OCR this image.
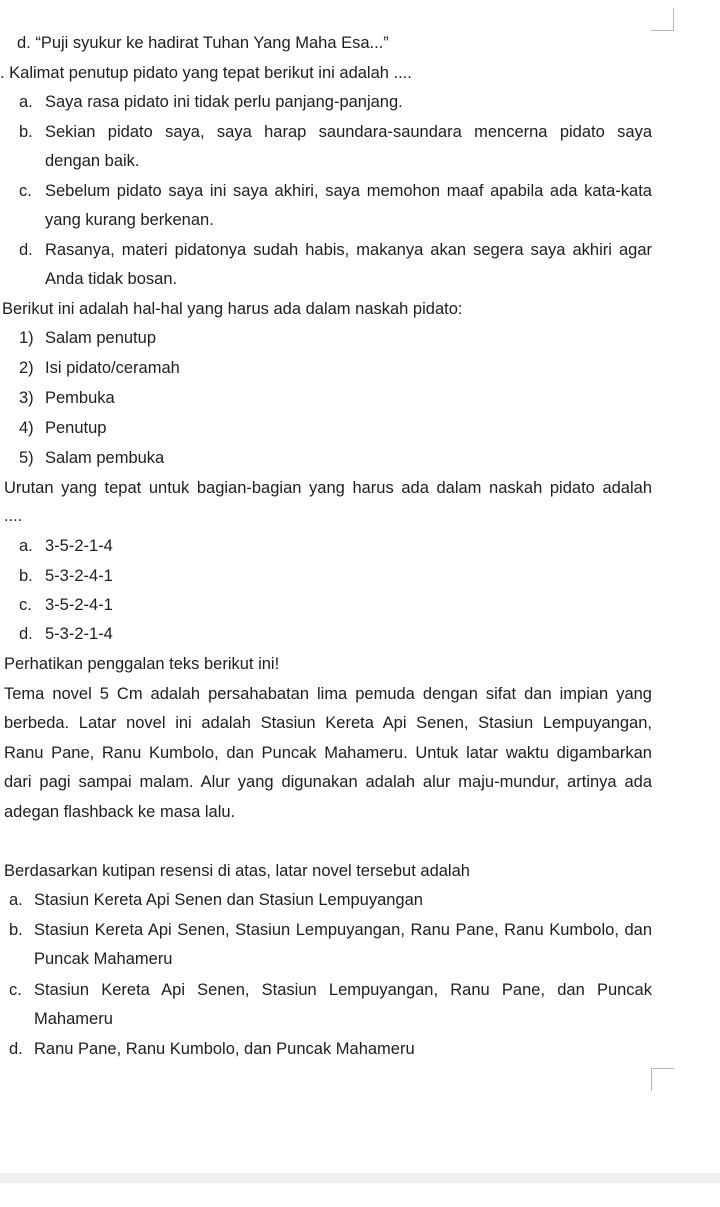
d. “Puji syukur ke hadirat Tuhan Yang Maha Esa...”
. Kalimat penutup pidato yang tepat berikut ini adalah ....
a. Saya rasa pidato ini tidak perlu panjang-panjang.
b. Sekian pidato saya, saya harap saundara-saundara mencerna pidato saya
dengan baik.
c. Sebelum pidato saya ini saya akhiri, saya memohon maaf apabila ada kata-kata
yang kurang berkenan.
d. Rasanya, materi pidatonya sudah habis, makanya akan segera saya akhiri agar
Anda tidak bosan.
Berikut ini adalah hal-hal yang harus ada dalam naskah pidato:
1) Salam penutup
2) Isi pidato/ceramah
3) Pembuka
4) Penutup
5) Salam pembuka
Urutan yang tepat untuk bagian-bagian yang harus ada dalam naskah pidato adalah
....
a. 3-5-2-1-4
b. 5-3-2-4-1
c. 3-5-2-4-1
d. 5-3-2-1-4
Perhatikan penggalan teks berikut ini!
Tema novel 5 Cm adalah persahabatan lima pemuda dengan sifat dan impian yang
berbeda. Latar novel ini adalah Stasiun Kereta Api Senen, Stasiun Lempuyangan,
Ranu Pane, Ranu Kumbolo, dan Puncak Mahameru. Untuk latar waktu digambarkan
dari pagi sampai malam. Alur yang digunakan adalah alur maju-mundur, artinya ada
adegan flashback ke masa lalu.
Berdasarkan kutipan resensi di atas, latar novel tersebut adalah
a. Stasiun Kereta Api Senen dan Stasiun Lempuyangan
b. Stasiun Kereta Api Senen, Stasiun Lempuyangan, Ranu Pane, Ranu Kumbolo, dan
Puncak Mahameru
c. Stasiun Kereta Api Senen, Stasiun Lempuyangan, Ranu Pane, dan Puncak
Mahameru
d. Ranu Pane, Ranu Kumbolo, dan Puncak Mahameru
